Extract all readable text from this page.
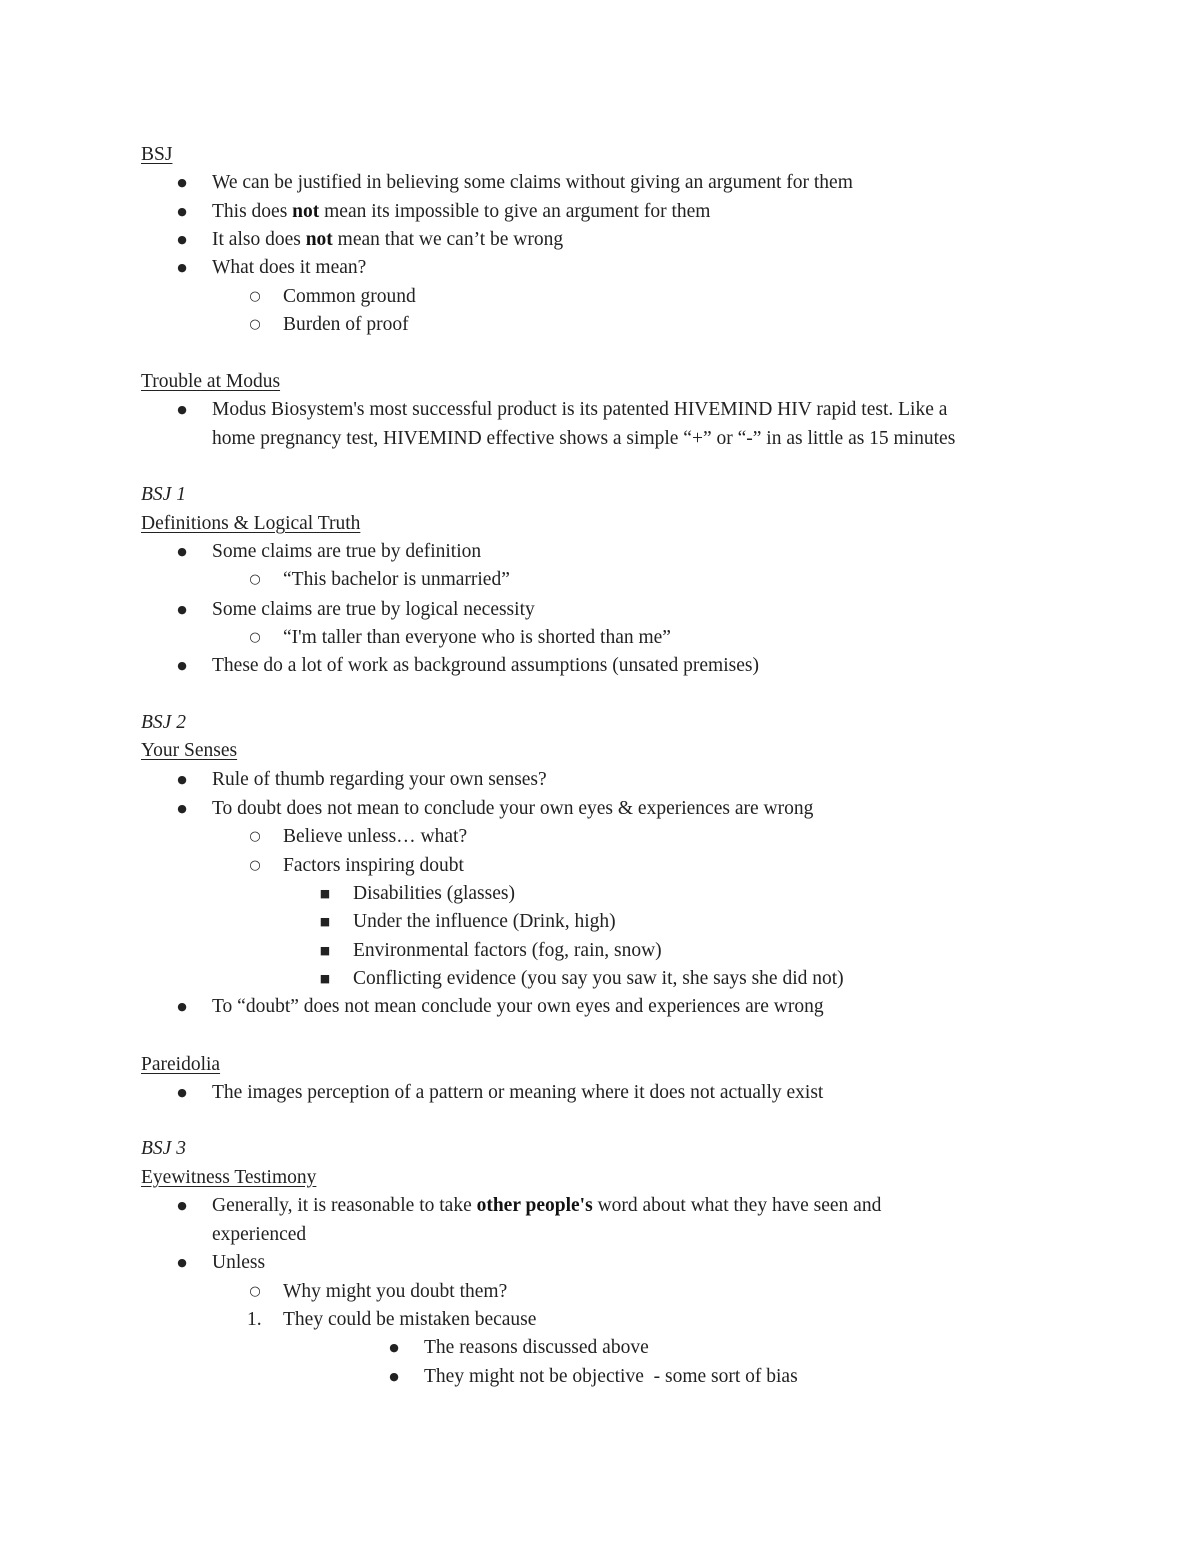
BSJ
● We can be justified in believing some claims without giving an argument for them
● This does not mean its impossible to give an argument for them
● It also does not mean that we can’t be wrong
● What does it mean?
○ Common ground
○ Burden of proof
Trouble at Modus
● Modus Biosystem's most successful product is its patented HIVEMIND HIV rapid test. Like a
home pregnancy test, HIVEMIND effective shows a simple “+” or “-” in as little as 15 minutes
BSJ 1
Definitions & Logical Truth
● Some claims are true by definition
○ “This bachelor is unmarried”
● Some claims are true by logical necessity
○ “I'm taller than everyone who is shorted than me”
● These do a lot of work as background assumptions (unsated premises)
BSJ 2
Your Senses
● Rule of thumb regarding your own senses?
● To doubt does not mean to conclude your own eyes & experiences are wrong
○ Believe unless… what?
○ Factors inspiring doubt
■ Disabilities (glasses)
■ Under the influence (Drink, high)
■ Environmental factors (fog, rain, snow)
■ Conflicting evidence (you say you saw it, she says she did not)
● To “doubt” does not mean conclude your own eyes and experiences are wrong
Pareidolia
● The images perception of a pattern or meaning where it does not actually exist
BSJ 3
Eyewitness Testimony
● Generally, it is reasonable to take other people's word about what they have seen and
experienced
● Unless
○ Why might you doubt them?
1.	They could be mistaken because
● The reasons discussed above
● They might not be objective  - some sort of bias
